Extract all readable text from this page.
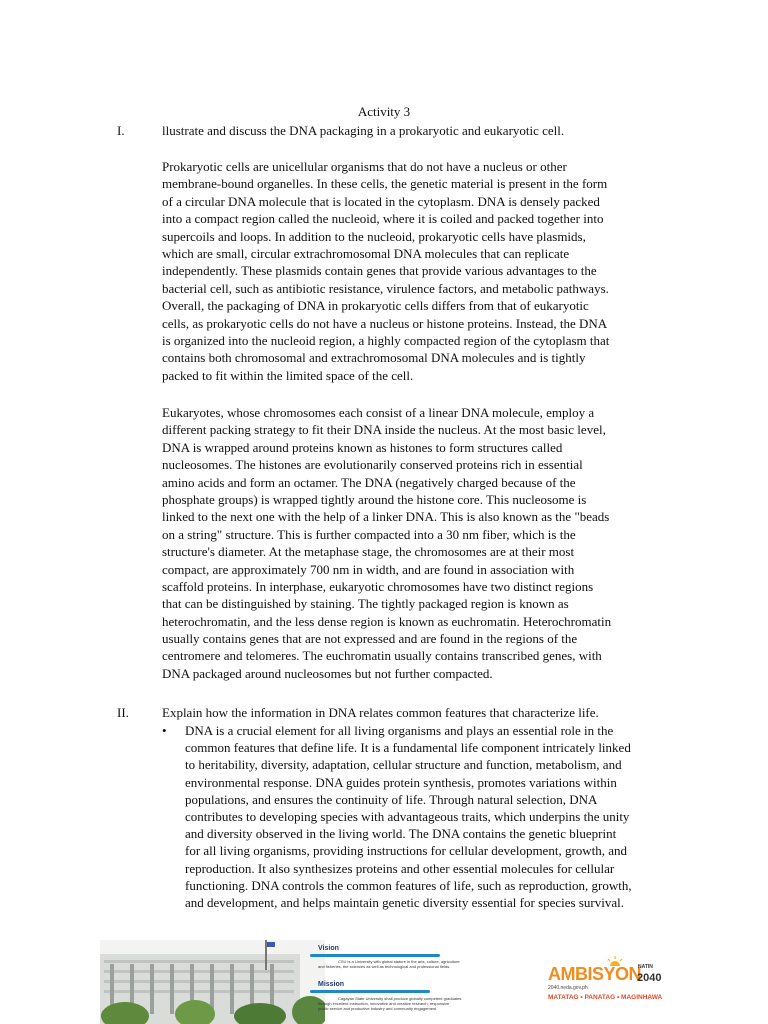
Activity 3
I.	llustrate and discuss the DNA packaging in a prokaryotic and eukaryotic cell.
Prokaryotic cells are unicellular organisms that do not have a nucleus or other
membrane-bound organelles. In these cells, the genetic material is present in the form
of a circular DNA molecule that is located in the cytoplasm. DNA is densely packed
into a compact region called the nucleoid, where it is coiled and packed together into
supercoils and loops. In addition to the nucleoid, prokaryotic cells have plasmids,
which are small, circular extrachromosomal DNA molecules that can replicate
independently. These plasmids contain genes that provide various advantages to the
bacterial cell, such as antibiotic resistance, virulence factors, and metabolic pathways.
Overall, the packaging of DNA in prokaryotic cells differs from that of eukaryotic
cells, as prokaryotic cells do not have a nucleus or histone proteins. Instead, the DNA
is organized into the nucleoid region, a highly compacted region of the cytoplasm that
contains both chromosomal and extrachromosomal DNA molecules and is tightly
packed to fit within the limited space of the cell.
Eukaryotes, whose chromosomes each consist of a linear DNA molecule, employ a
different packing strategy to fit their DNA inside the nucleus. At the most basic level,
DNA is wrapped around proteins known as histones to form structures called
nucleosomes. The histones are evolutionarily conserved proteins rich in essential
amino acids and form an octamer. The DNA (negatively charged because of the
phosphate groups) is wrapped tightly around the histone core. This nucleosome is
linked to the next one with the help of a linker DNA. This is also known as the "beads
on a string" structure. This is further compacted into a 30 nm fiber, which is the
structure's diameter. At the metaphase stage, the chromosomes are at their most
compact, are approximately 700 nm in width, and are found in association with
scaffold proteins. In interphase, eukaryotic chromosomes have two distinct regions
that can be distinguished by staining. The tightly packaged region is known as
heterochromatin, and the less dense region is known as euchromatin. Heterochromatin
usually contains genes that are not expressed and are found in the regions of the
centromere and telomeres. The euchromatin usually contains transcribed genes, with
DNA packaged around nucleosomes but not further compacted.
II.	Explain how the information in DNA relates common features that characterize life.
• DNA is a crucial element for all living organisms and plays an essential role in the
common features that define life. It is a fundamental life component intricately linked
to heritability, diversity, adaptation, cellular structure and function, metabolism, and
environmental response. DNA guides protein synthesis, promotes variations within
populations, and ensures the continuity of life. Through natural selection, DNA
contributes to developing species with advantageous traits, which underpins the unity
and diversity observed in the living world. The DNA contains the genetic blueprint
for all living organisms, providing instructions for cellular development, growth, and
reproduction. It also synthesizes proteins and other essential molecules for cellular
functioning. DNA controls the common features of life, such as reproduction, growth,
and development, and helps maintain genetic diversity essential for species survival.
Vision
CSU is a University with global stature in the arts, culture, agriculture
and fisheries, the sciences as well as technological and professional fields.
Mission
Cagayan State University shall produce globally competent graduates
through excellent instruction, innovative and creative research, responsive
public service and productive industry and community engagement.
AMBISYON
NATIN
2040
2040.neda.gov.ph
MATATAG • PANATAG • MAGINHAWA
